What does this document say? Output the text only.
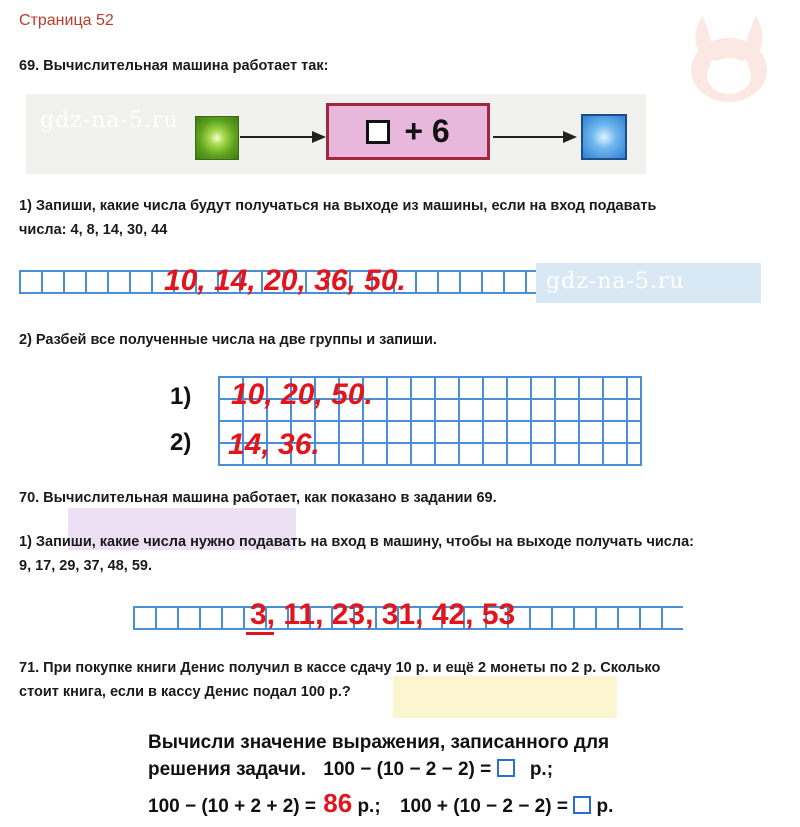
Страница 52
69. Вычислительная машина работает так:
+ 6
gdz-na-5.ru
1) Запиши, какие числа будут получаться на выходе из машины, если на вход подавать
числа: 4, 8, 14, 30, 44
gdz-na-5.ru
10, 14, 20, 36, 50.
2) Разбей все полученные числа на две группы и запиши.
1)
2)
10, 20, 50.
14, 36.
70. Вычислительная машина работает, как показано в задании 69.
1) Запиши, какие числа нужно подавать на вход в машину, чтобы на выходе получать числа:
9, 17, 29, 37, 48, 59.
3, 11, 23, 31, 42, 53
71. При покупке книги Денис получил в кассе сдачу 10 р. и ещё 2 монеты по 2 р. Сколько
стоит книга, если в кассу Денис подал 100 р.?
Вычисли значение выражения, записанного для
решения задачи. 100 − (10 − 2 − 2) = р.;
100 − (10 + 2 + 2) = 86 р.; 100 + (10 − 2 − 2) = р.
